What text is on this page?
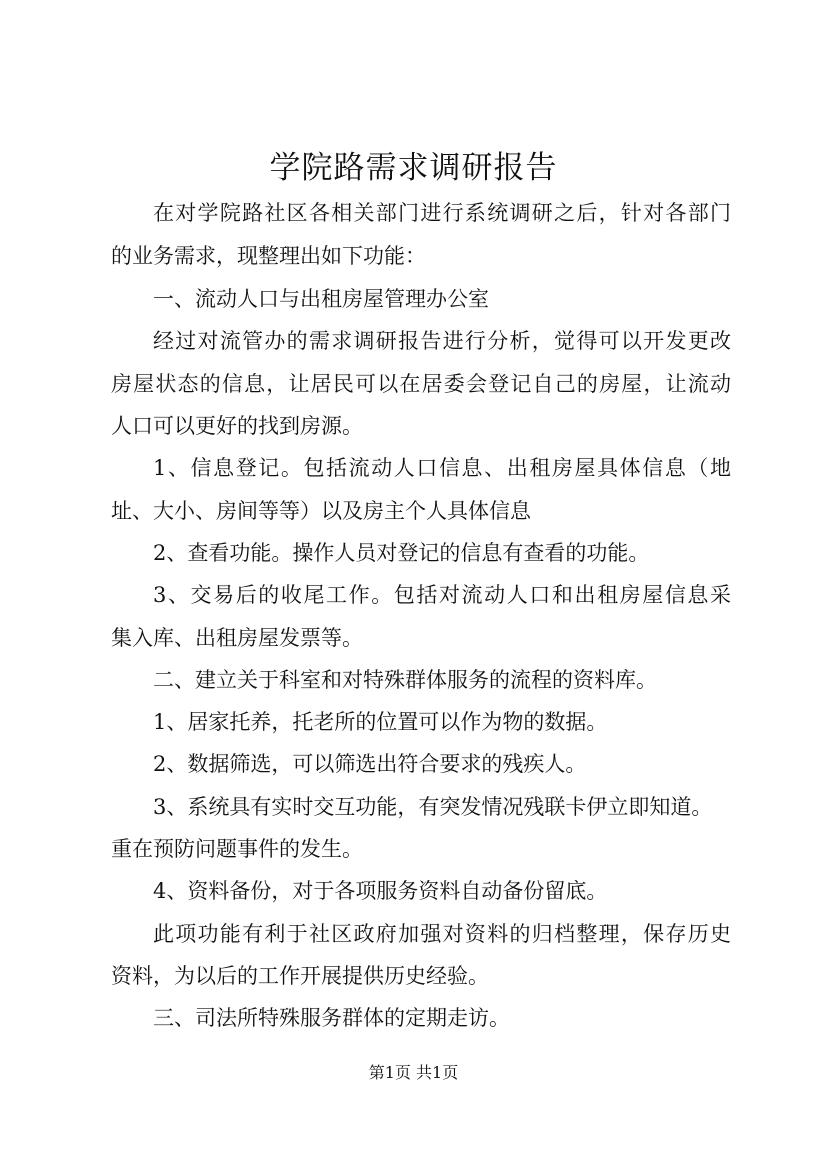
学院路需求调研报告
在对学院路社区各相关部门进行系统调研之后，针对各部门
的业务需求，现整理出如下功能：
一、流动人口与出租房屋管理办公室
经过对流管办的需求调研报告进行分析，觉得可以开发更改
房屋状态的信息，让居民可以在居委会登记自己的房屋，让流动
人口可以更好的找到房源。
1、信息登记。包括流动人口信息、出租房屋具体信息（地
址、大小、房间等等）以及房主个人具体信息
2、查看功能。操作人员对登记的信息有查看的功能。
3、交易后的收尾工作。包括对流动人口和出租房屋信息采
集入库、出租房屋发票等。
二、建立关于科室和对特殊群体服务的流程的资料库。
1、居家托养，托老所的位置可以作为物的数据。
2、数据筛选，可以筛选出符合要求的残疾人。
3、系统具有实时交互功能，有突发情况残联卡伊立即知道。
重在预防问题事件的发生。
4、资料备份，对于各项服务资料自动备份留底。
此项功能有利于社区政府加强对资料的归档整理，保存历史
资料，为以后的工作开展提供历史经验。
三、司法所特殊服务群体的定期走访。
第1页 共1页
